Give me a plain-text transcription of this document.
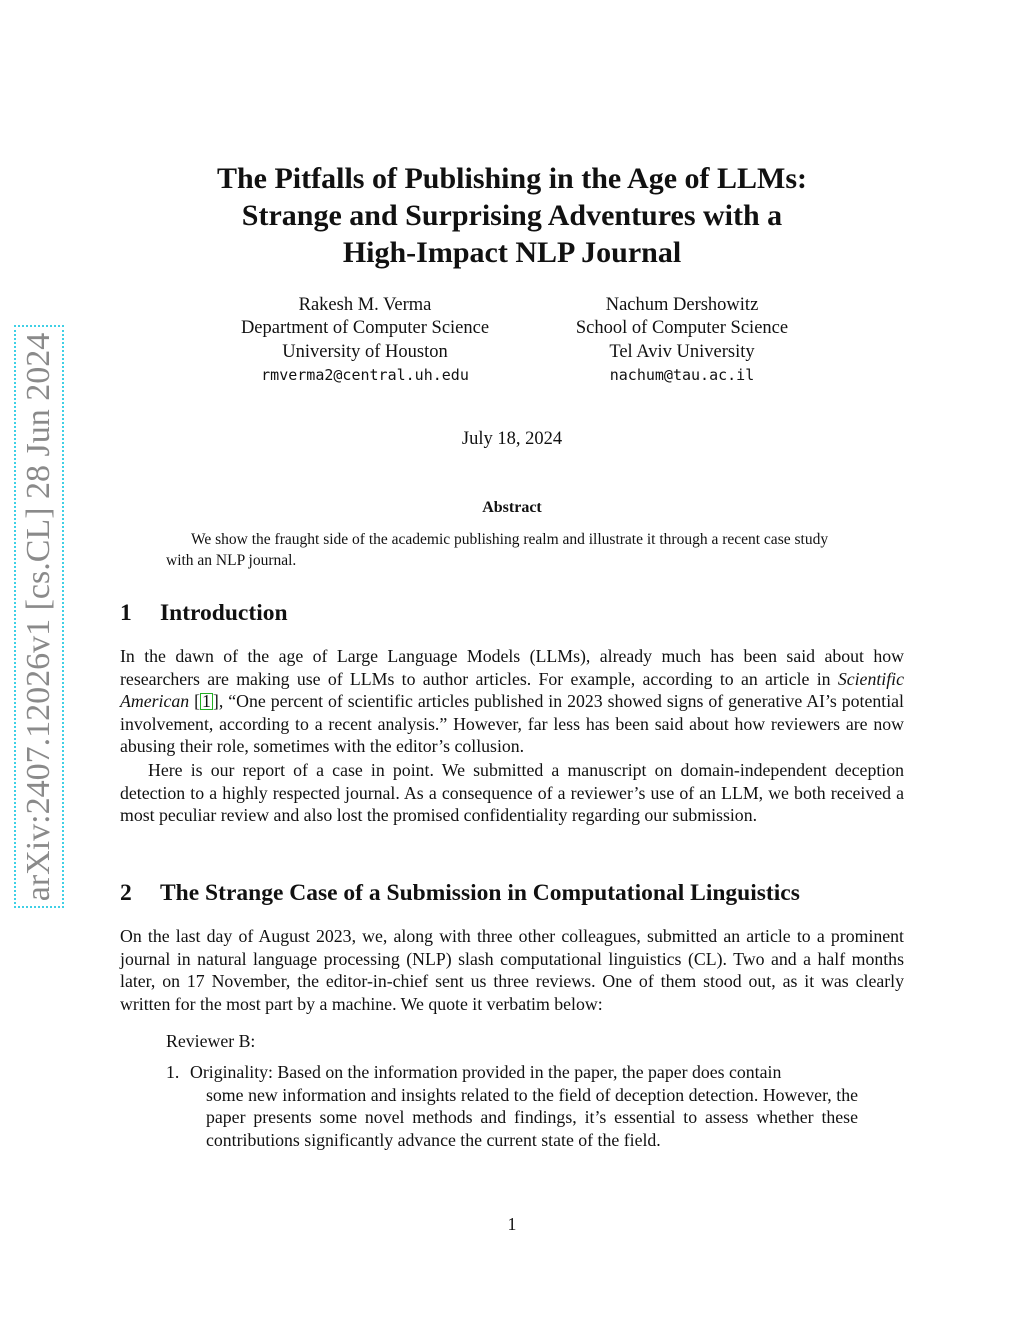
arXiv:2407.12026v1 [cs.CL] 28 Jun 2024
The Pitfalls of Publishing in the Age of LLMs:
Strange and Surprising Adventures with a
High-Impact NLP Journal
Rakesh M. Verma
Department of Computer Science
University of Houston
rmverma2@central.uh.edu
Nachum Dershowitz
School of Computer Science
Tel Aviv University
nachum@tau.ac.il
July 18, 2024
Abstract

We show the fraught side of the academic publishing realm and illustrate it through a recent case study with an NLP journal.

1 Introduction

In the dawn of the age of Large Language Models (LLMs), already much has been said about how researchers are making use of LLMs to author articles. For example, according to an article in Scientific American [ 1 ], “One percent of scientific articles published in 2023 showed signs of generative AI’s potential involvement, according to a recent analysis.” However, far less has been said about how reviewers are now abusing their role, sometimes with the editor’s collusion.

Here is our report of a case in point. We submitted a manuscript on domain-independent deception detection to a highly respected journal. As a consequence of a reviewer’s use of an LLM, we both received a most peculiar review and also lost the promised confidentiality regarding our submission.

2 The Strange Case of a Submission in Computational Linguistics

On the last day of August 2023, we, along with three other colleagues, submitted an article to a prominent journal in natural language processing (NLP) slash computational linguistics (CL). Two and a half months later, on 17 November, the editor-in-chief sent us three reviews. One of them stood out, as it was clearly written for the most part by a machine. We quote it verbatim below:

Reviewer B:

1. Originality: Based on the information provided in the paper, the paper does contain
some new information and insights related to the field of deception detection. However, the paper presents some novel methods and findings, it’s essential to assess whether these contributions significantly advance the current state of the field.

1
